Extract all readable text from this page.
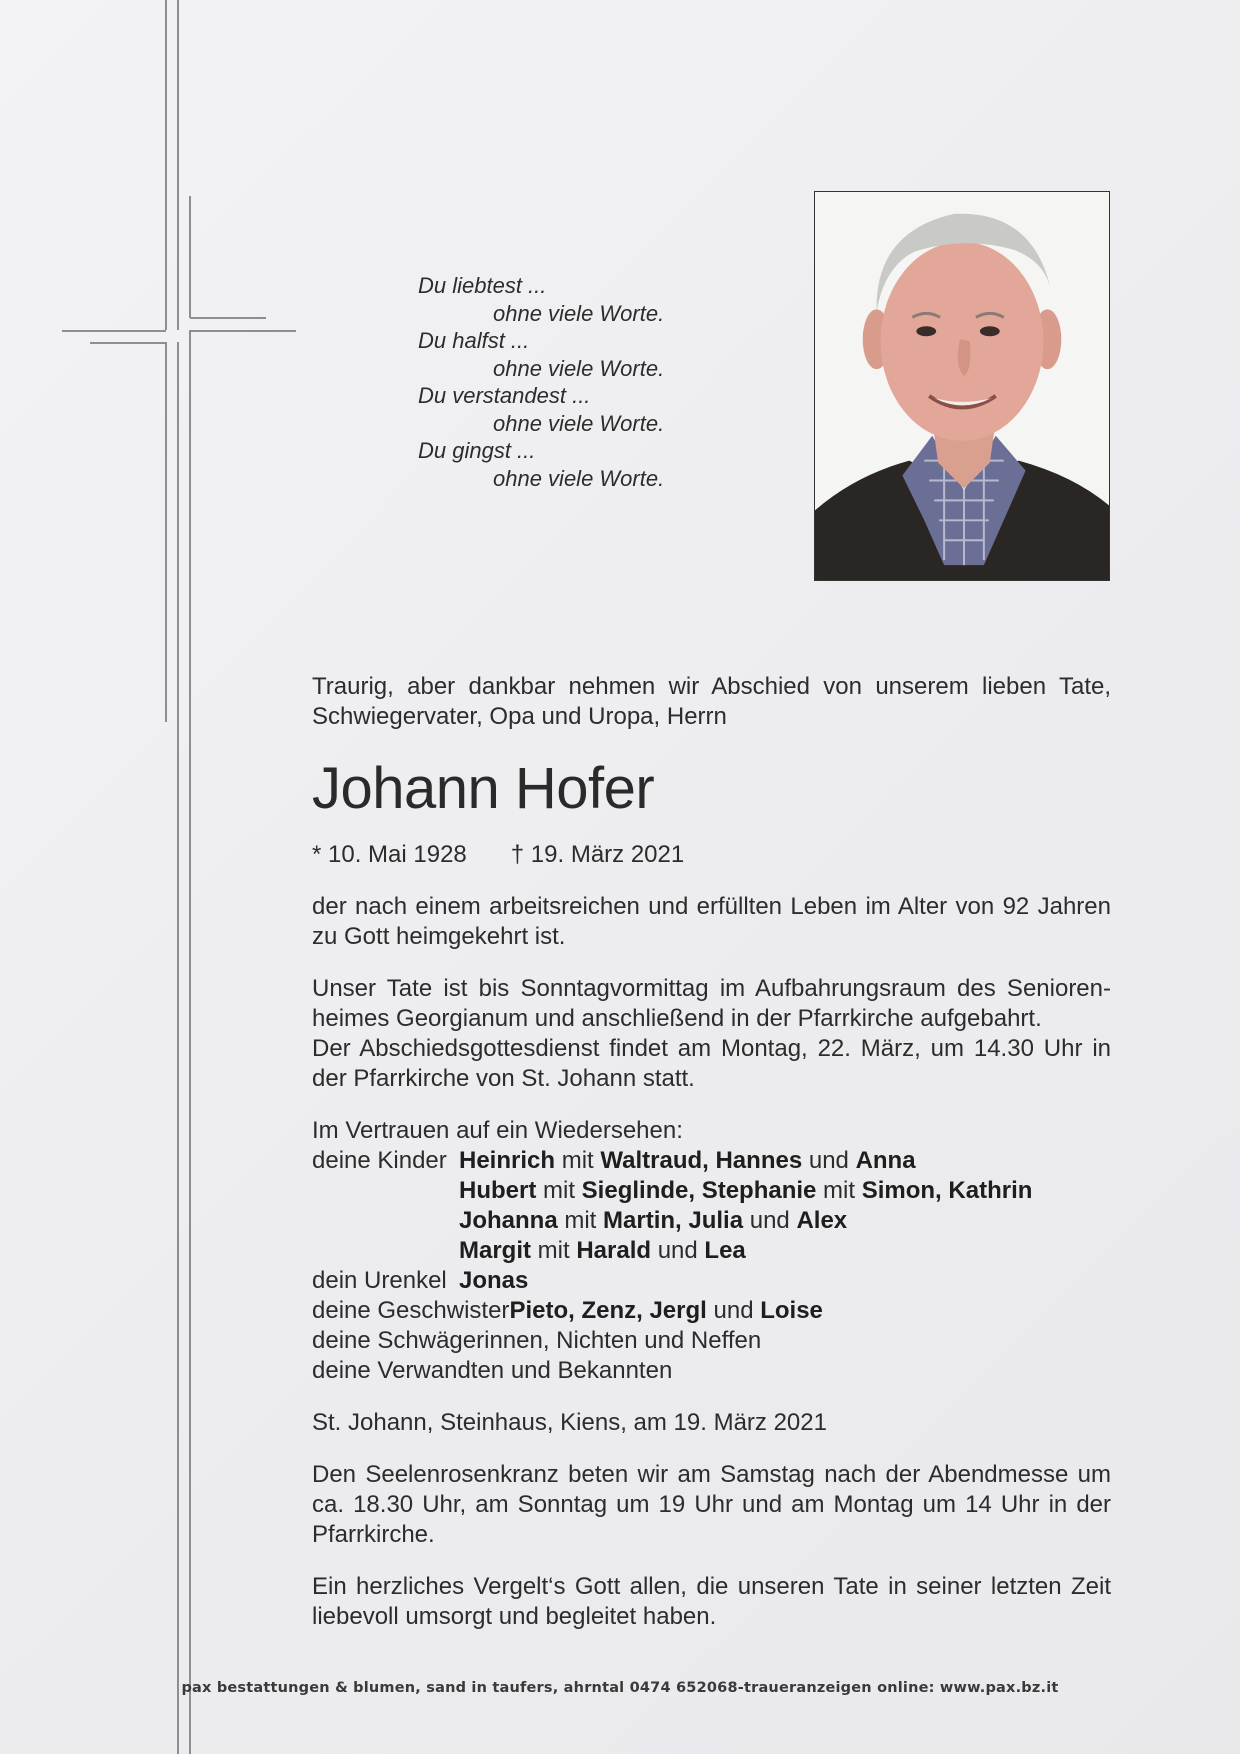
Du liebtest ...
ohne viele Worte.
Du halfst ...
ohne viele Worte.
Du verstandest ...
ohne viele Worte.
Du gingst ...
ohne viele Worte.

Traurig, aber dankbar nehmen wir Abschied von unserem lieben Tate, Schwiegervater, Opa und Uropa, Herrn

Johann Hofer
* 10. Mai 1928 † 19. März 2021

der nach einem arbeitsreichen und erfüllten Leben im Alter von 92 Jahren zu Gott heimgekehrt ist.

Unser Tate ist bis Sonntagvormittag im Aufbahrungsraum des Senioren-

heimes Georgianum und anschließend in der Pfarrkirche aufgebahrt.

Der Abschiedsgottesdienst findet am Montag, 22. März, um 14.30 Uhr in der Pfarrkirche von St. Johann statt.

Im Vertrauen auf ein Wiedersehen:
deine Kinder Heinrich mit Waltraud, Hannes und Anna
Hubert mit Sieglinde, Stephanie mit Simon, Kathrin
Johanna mit Martin, Julia und Alex
Margit mit Harald und Lea
dein Urenkel Jonas
deine Geschwister Pieto, Zenz, Jergl und Loise
deine Schwägerinnen, Nichten und Neffen
deine Verwandten und Bekannten

St. Johann, Steinhaus, Kiens, am 19. März 2021

Den Seelenrosenkranz beten wir am Samstag nach der Abendmesse um ca. 18.30 Uhr, am Sonntag um 19 Uhr und am Montag um 14 Uhr in der Pfarrkirche.

Ein herzliches Vergelt‘s Gott allen, die unseren Tate in seiner letzten Zeit liebevoll umsorgt und begleitet haben.

pax bestattungen & blumen, sand in taufers, ahrntal 0474 652068-traueranzeigen online: www.pax.bz.it
